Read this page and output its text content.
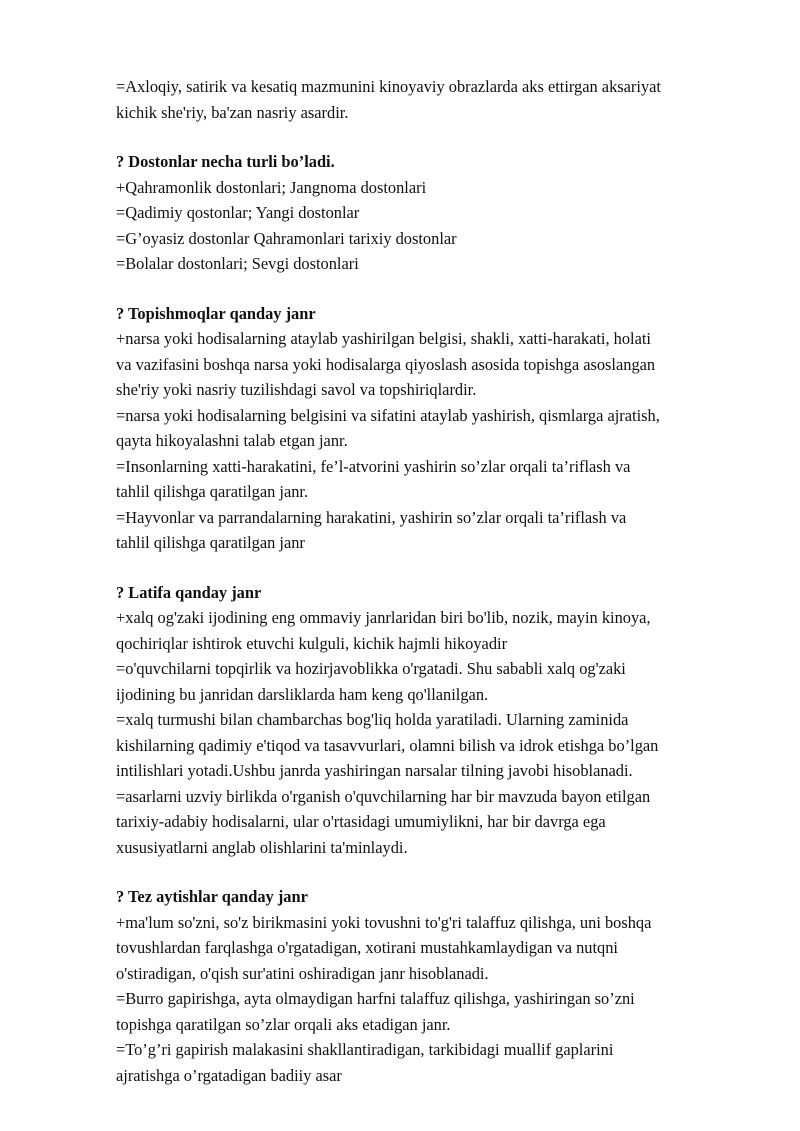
=Axloqiy, satirik va kesatiq mazmunini kinoyaviy obrazlarda aks ettirgan aksariyat
kichik she'riy, ba'zan nasriy asardir.
? Dostonlar necha turli bo’ladi.
+Qahramonlik dostonlari; Jangnoma dostonlari
=Qadimiy qostonlar; Yangi dostonlar
=G’oyasiz dostonlar Qahramonlari tarixiy dostonlar
=Bolalar dostonlari; Sevgi dostonlari
? Topishmoqlar qanday janr
+narsa yoki hodisalarning ataylab yashirilgan belgisi, shakli, xatti-harakati, holati
va vazifasini boshqa narsa yoki hodisalarga qiyoslash asosida topishga asoslangan
she'riy yoki nasriy tuzilishdagi savol va topshiriqlardir.
=narsa yoki hodisalarning belgisini va sifatini ataylab yashirish, qismlarga ajratish,
qayta hikoyalashni talab etgan janr.
=Insonlarning xatti-harakatini, fe’l-atvorini yashirin so’zlar orqali ta’riflash va
tahlil qilishga qaratilgan janr.
=Hayvonlar va parrandalarning harakatini, yashirin so’zlar orqali ta’riflash va
tahlil qilishga qaratilgan janr
? Latifa qanday janr
+xalq og'zaki ijodining eng ommaviy janrlaridan biri bo'lib, nozik, mayin kinoya,
qochiriqlar ishtirok etuvchi kulguli, kichik hajmli hikoyadir
=o'quvchilarni topqirlik va hozirjavoblikka o'rgatadi. Shu sababli xalq og'zaki
ijodining bu janridan darsliklarda ham keng qo'llanilgan.
=xalq turmushi bilan chambarchas bog'liq holda yaratiladi. Ularning zaminida
kishilarning qadimiy e'tiqod va tasavvurlari, olamni bilish va idrok etishga bo’lgan
intilishlari yotadi.Ushbu janrda yashiringan narsalar tilning javobi hisoblanadi.
=asarlarni uzviy birlikda o'rganish o'quvchilarning har bir mavzuda bayon etilgan
tarixiy-adabiy hodisalarni, ular o'rtasidagi umumiylikni, har bir davrga ega
xususiyatlarni anglab olishlarini ta'minlaydi.
? Tez aytishlar qanday janr
+ma'lum so'zni, so'z birikmasini yoki tovushni to'g'ri talaffuz qilishga, uni boshqa
tovushlardan farqlashga o'rgatadigan, xotirani mustahkamlaydigan va nutqni
o'stiradigan, o'qish sur'atini oshiradigan janr hisoblanadi.
=Burro gapirishga, ayta olmaydigan harfni talaffuz qilishga, yashiringan so’zni
topishga qaratilgan so’zlar orqali aks etadigan janr.
=To’g’ri gapirish malakasini shakllantiradigan, tarkibidagi muallif gaplarini
ajratishga o’rgatadigan badiiy asar
